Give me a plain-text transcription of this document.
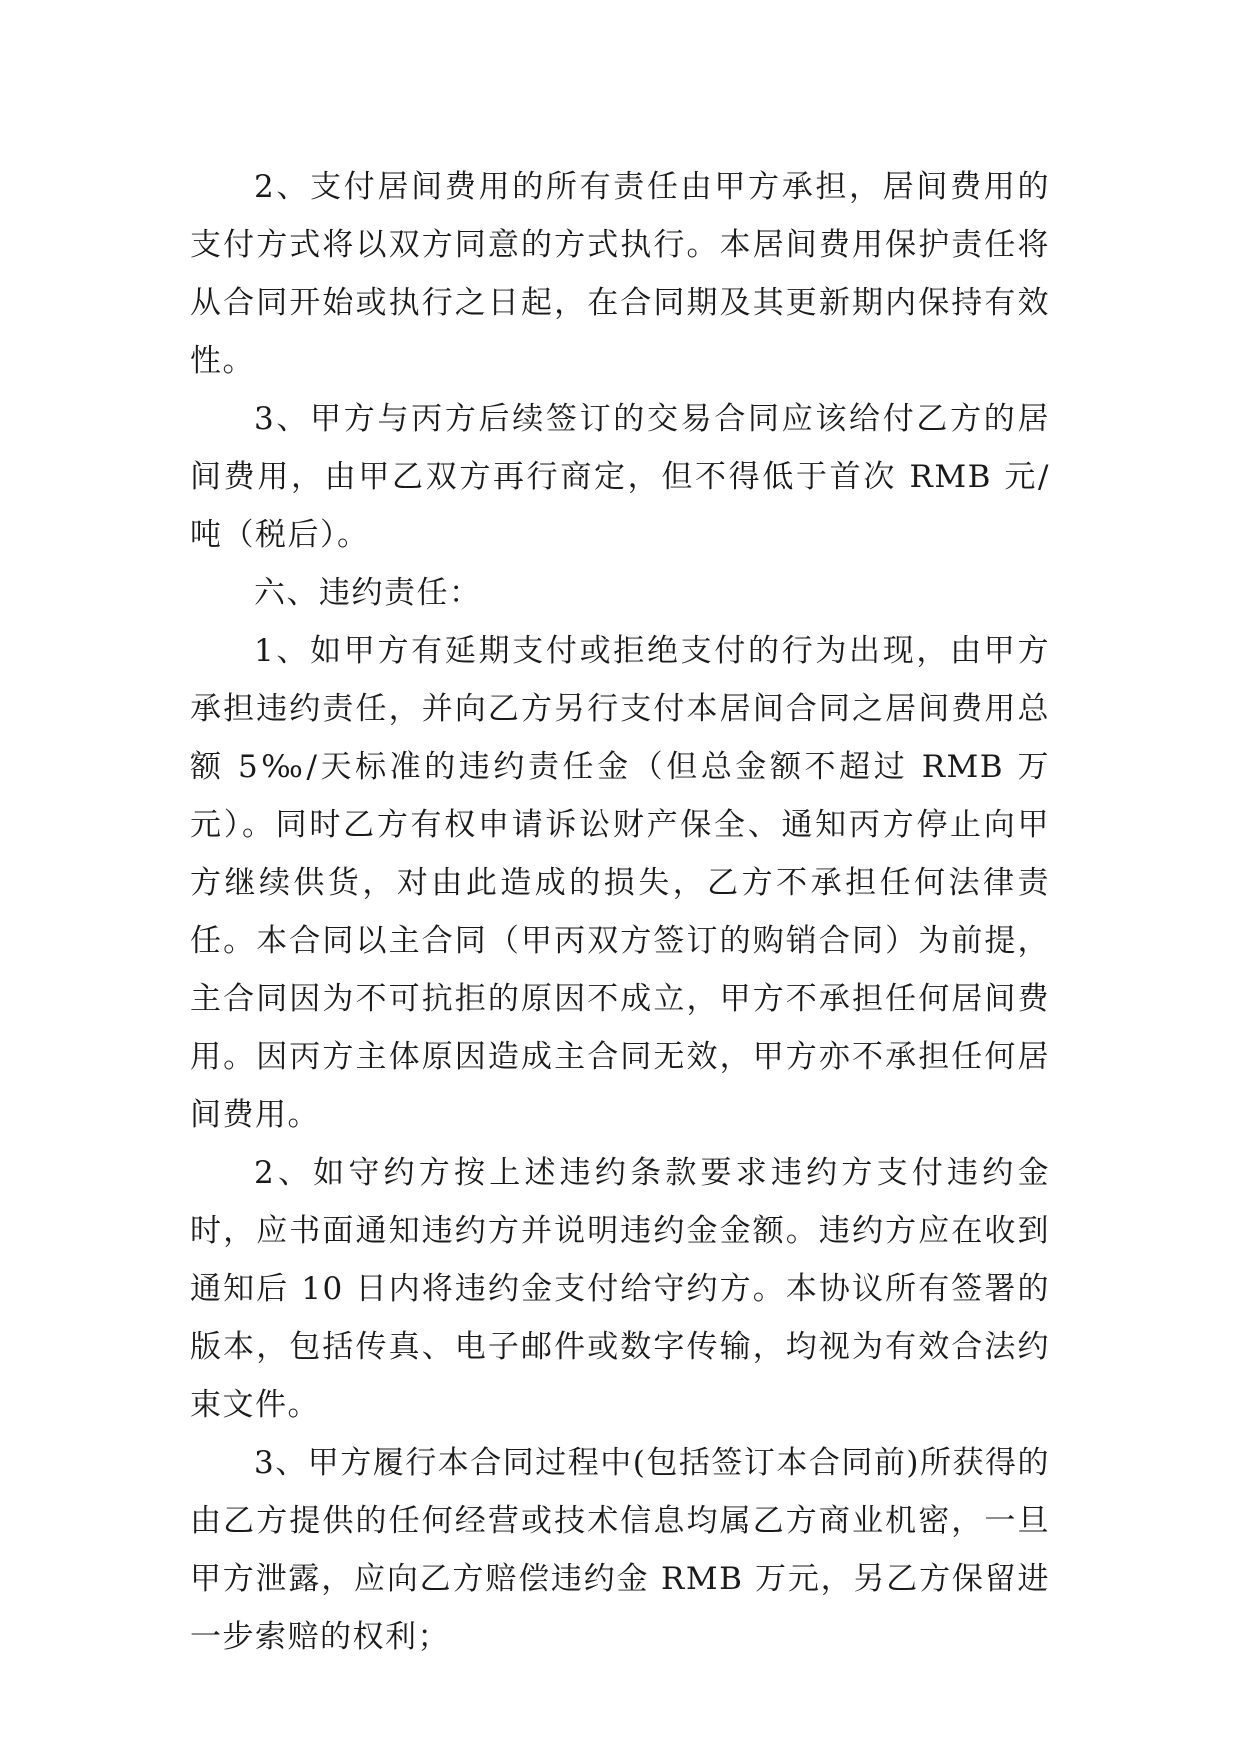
2、支付居间费用的所有责任由甲方承担，居间费用的支付方式将以双方同意的方式执行。本居间费用保护责任将从合同开始或执行之日起，在合同期及其更新期内保持有效性。

3、甲方与丙方后续签订的交易合同应该给付乙方的居间费用，由甲乙双方再行商定，但不得低于首次 RMB 元/吨（税后）。

六、违约责任：

1、如甲方有延期支付或拒绝支付的行为出现，由甲方承担违约责任，并向乙方另行支付本居间合同之居间费用总额 5‰/天标准的违约责任金（但总金额不超过 RMB 万元）。同时乙方有权申请诉讼财产保全、通知丙方停止向甲方继续供货，对由此造成的损失，乙方不承担任何法律责任。本合同以主合同（甲丙双方签订的购销合同）为前提，主合同因为不可抗拒的原因不成立，甲方不承担任何居间费用。因丙方主体原因造成主合同无效，甲方亦不承担任何居间费用。

2、如守约方按上述违约条款要求违约方支付违约金时，应书面通知违约方并说明违约金金额。违约方应在收到通知后 10 日内将违约金支付给守约方。本协议所有签署的版本，包括传真、电子邮件或数字传输，均视为有效合法约束文件。

3、甲方履行本合同过程中(包括签订本合同前)所获得的由乙方提供的任何经营或技术信息均属乙方商业机密，一旦甲方泄露，应向乙方赔偿违约金 RMB 万元，另乙方保留进一步索赔的权利；
